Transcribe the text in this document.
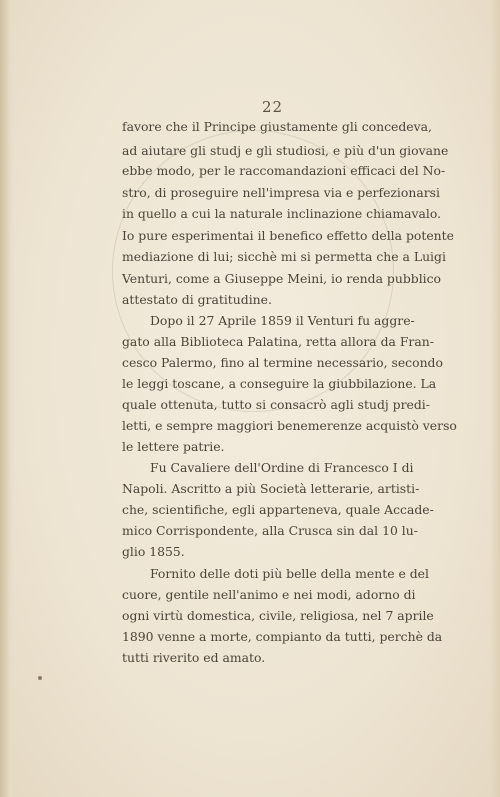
22
favore che il Principe giustamente gli concedeva,
ad aiutare gli studj e gli studiosi, e più d'un giovane
ebbe modo, per le raccomandazioni efficaci del No-
stro, di proseguire nell'impresa via e perfezionarsi
in quello a cui la naturale inclinazione chiamavalo.
Io pure esperimentai il benefico effetto della potente
mediazione di lui; sicchè mi si permetta che a Luigi
Venturi, come a Giuseppe Meini, io renda pubblico
attestato di gratitudine.
Dopo il 27 Aprile 1859 il Venturi fu aggre-
gato alla Biblioteca Palatina, retta allora da Fran-
cesco Palermo, fino al termine necessario, secondo
le leggi toscane, a conseguire la giubbilazione. La
quale ottenuta, tutto si consacrò agli studj predi-
letti, e sempre maggiori benemerenze acquistò verso
le lettere patrie.
Fu Cavaliere dell'Ordine di Francesco I di
Napoli. Ascritto a più Società letterarie, artisti-
che, scientifiche, egli apparteneva, quale Accade-
mico Corrispondente, alla Crusca sin dal 10 lu-
glio 1855.
Fornito delle doti più belle della mente e del
cuore, gentile nell'animo e nei modi, adorno di
ogni virtù domestica, civile, religiosa, nel 7 aprile
1890 venne a morte, compianto da tutti, perchè da
tutti riverito ed amato.
